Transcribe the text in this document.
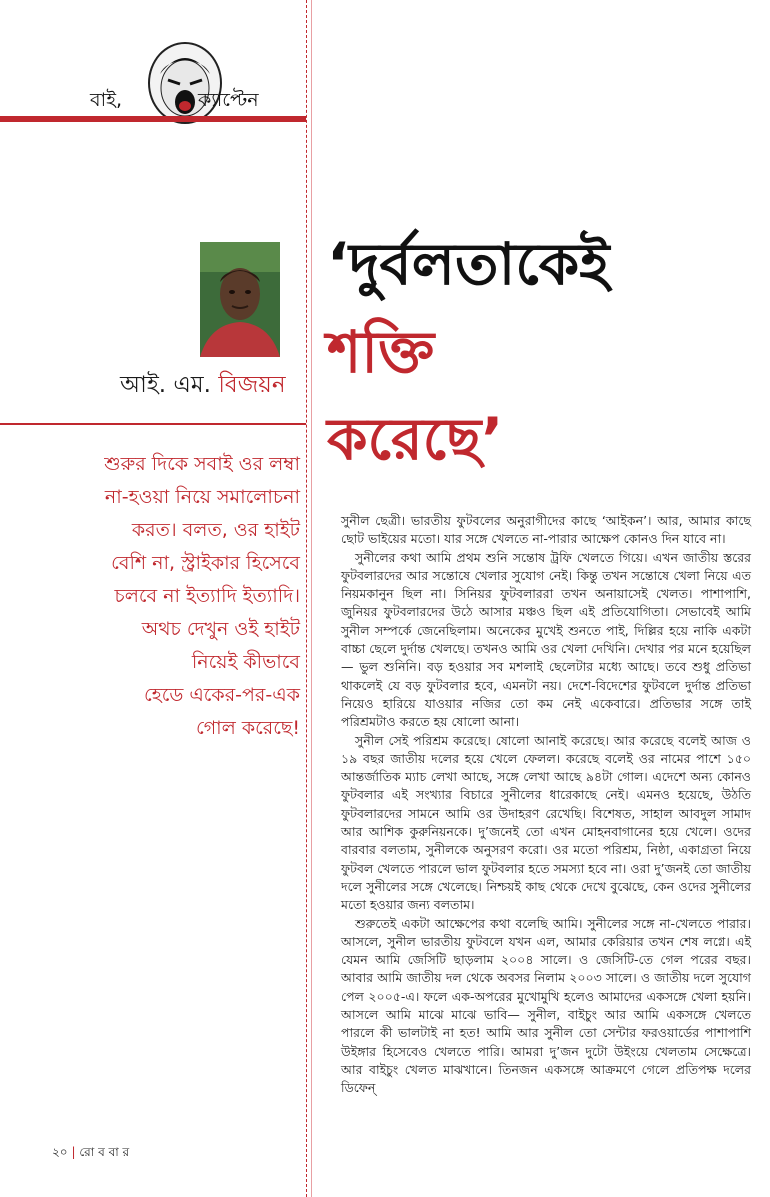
বাই,	ক্যাপ্টেন
আই. এম. বিজয়ন
শুরুর দিকে সবাই ওর লম্বা
না-হওয়া নিয়ে সমালোচনা
করত। বলত, ওর হাইট
বেশি না, স্ট্রাইকার হিসেবে
চলবে না ইত্যাদি ইত্যাদি।
অথচ দেখুন ওই হাইট
নিয়েই কীভাবে
হেডে একের-পর-এক
গোল করেছে!
‘দুর্বলতাকেই
শক্তি
করেছে’

সুনীল ছেত্রী। ভারতীয় ফুটবলের অনুরাগীদের কাছে ‘আইকন’। আর, আমার কাছে ছোট ভাইয়ের মতো। যার সঙ্গে খেলতে না-পারার আক্ষেপ কোনও দিন যাবে না।

সুনীলের কথা আমি প্রথম শুনি সন্তোষ ট্রফি খেলতে গিয়ে। এখন জাতীয় স্তরের ফুটবলারদের আর সন্তোষে খেলার সুযোগ নেই। কিন্তু তখন সন্তোষে খেলা নিয়ে এত নিয়মকানুন ছিল না। সিনিয়র ফুটবলাররা তখন অনায়াসেই খেলত। পাশাপাশি, জুনিয়র ফুটবলারদের উঠে আসার মঞ্চও ছিল এই প্রতিযোগিতা। সেভাবেই আমি সুনীল সম্পর্কে জেনেছিলাম। অনেকের মুখেই শুনতে পাই, দিল্লির হয়ে নাকি একটা বাচ্চা ছেলে দুর্দান্ত খেলছে। তখনও আমি ওর খেলা দেখিনি। দেখার পর মনে হয়েছিল— ভুল শুনিনি। বড় হওয়ার সব মশলাই ছেলেটার মধ্যে আছে। তবে শুধু প্রতিভা থাকলেই যে বড় ফুটবলার হবে, এমনটা নয়। দেশে-বিদেশের ফুটবলে দুর্দান্ত প্রতিভা নিয়েও হারিয়ে যাওয়ার নজির তো কম নেই একেবারে। প্রতিভার সঙ্গে তাই পরিশ্রমটাও করতে হয় ষোলো আনা।

সুনীল সেই পরিশ্রম করেছে। ষোলো আনাই করেছে। আর করেছে বলেই আজ ও ১৯ বছর জাতীয় দলের হয়ে খেলে ফেলল। করেছে বলেই ওর নামের পাশে ১৫০ আন্তর্জাতিক ম্যাচ লেখা আছে, সঙ্গে লেখা আছে ৯৪টা গোল। এদেশে অন্য কোনও ফুটবলার এই সংখ্যার বিচারে সুনীলের ধারেকাছে নেই। এমনও হয়েছে, উঠতি ফুটবলারদের সামনে আমি ওর উদাহরণ রেখেছি। বিশেষত, সাহাল আবদুল সামাদ আর আশিক কুরুনিয়নকে। দু’জনেই তো এখন মোহনবাগানের হয়ে খেলে। ওদের বারবার বলতাম, সুনীলকে অনুসরণ করো। ওর মতো পরিশ্রম, নিষ্ঠা, একাগ্রতা নিয়ে ফুটবল খেলতে পারলে ভাল ফুটবলার হতে সমস্যা হবে না। ওরা দু’জনই তো জাতীয় দলে সুনীলের সঙ্গে খেলেছে। নিশ্চয়ই কাছ থেকে দেখে বুঝেছে, কেন ওদের সুনীলের মতো হওয়ার জন্য বলতাম।

শুরুতেই একটা আক্ষেপের কথা বলেছি আমি। সুনীলের সঙ্গে না-খেলতে পারার। আসলে, সুনীল ভারতীয় ফুটবলে যখন এল, আমার কেরিয়ার তখন শেষ লগ্নে। এই যেমন আমি জেসিটি ছাড়লাম ২০০৪ সালে। ও জেসিটি-তে গেল পরের বছর। আবার আমি জাতীয় দল থেকে অবসর নিলাম ২০০৩ সালে। ও জাতীয় দলে সুযোগ পেল ২০০৫-এ। ফলে এক-অপরের মুখোমুখি হলেও আমাদের একসঙ্গে খেলা হয়নি। আসলে আমি মাঝে মাঝে ভাবি— সুনীল, বাইচুং আর আমি একসঙ্গে খেলতে পারলে কী ভালটাই না হত! আমি আর সুনীল তো সেন্টার ফরওয়ার্ডের পাশাপাশি উইঙ্গার হিসেবেও খেলতে পারি। আমরা দু’জন দুটো উইংয়ে খেলতাম সেক্ষেত্রে। আর বাইচুং খেলত মাঝখানে। তিনজন একসঙ্গে আক্রমণে গেলে প্রতিপক্ষ দলের ডিফেন্

২০ | রো ব বা র
